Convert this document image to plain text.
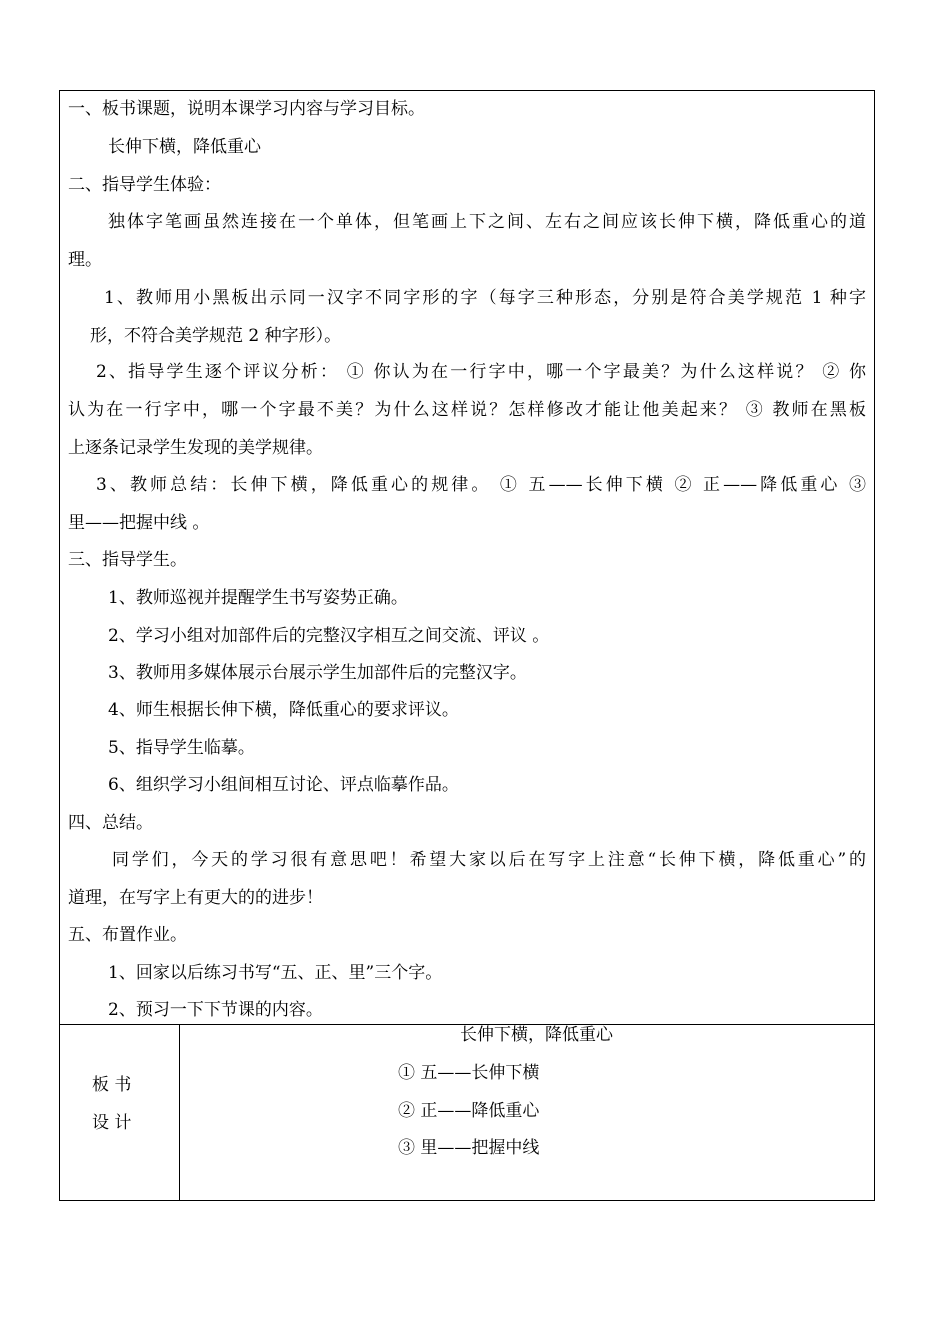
一、板书课题，说明本课学习内容与学习目标。
长伸下横，降低重心
二、指导学生体验：
独体字笔画虽然连接在一个单体，但笔画上下之间、左右之间应该长伸下横，降低重心的道
理。
1、教师用小黑板出示同一汉字不同字形的字（每字三种形态，分别是符合美学规范 1 种字
形，不符合美学规范 2 种字形）。
2、指导学生逐个评议分析： ① 你认为在一行字中，哪一个字最美？为什么这样说？ ② 你
认为在一行字中，哪一个字最不美？为什么这样说？怎样修改才能让他美起来？ ③ 教师在黑板
上逐条记录学生发现的美学规律。
3、教师总结：长伸下横，降低重心的规律。 ① 五——长伸下横 ② 正——降低重心 ③
里——把握中线 。
三、指导学生。
1、教师巡视并提醒学生书写姿势正确。
2、学习小组对加部件后的完整汉字相互之间交流、评议 。
3、教师用多媒体展示台展示学生加部件后的完整汉字。
4、师生根据长伸下横，降低重心的要求评议。
5、指导学生临摹。
6、组织学习小组间相互讨论、评点临摹作品。
四、总结。
同学们，今天的学习很有意思吧！希望大家以后在写字上注意“长伸下横，降低重心”的
道理，在写字上有更大的的进步！
五、布置作业。
1、回家以后练习书写“五、正、里”三个字。
2、预习一下下节课的内容。
板 书
设 计
长伸下横，降低重心
① 五——长伸下横
② 正——降低重心
③ 里——把握中线
